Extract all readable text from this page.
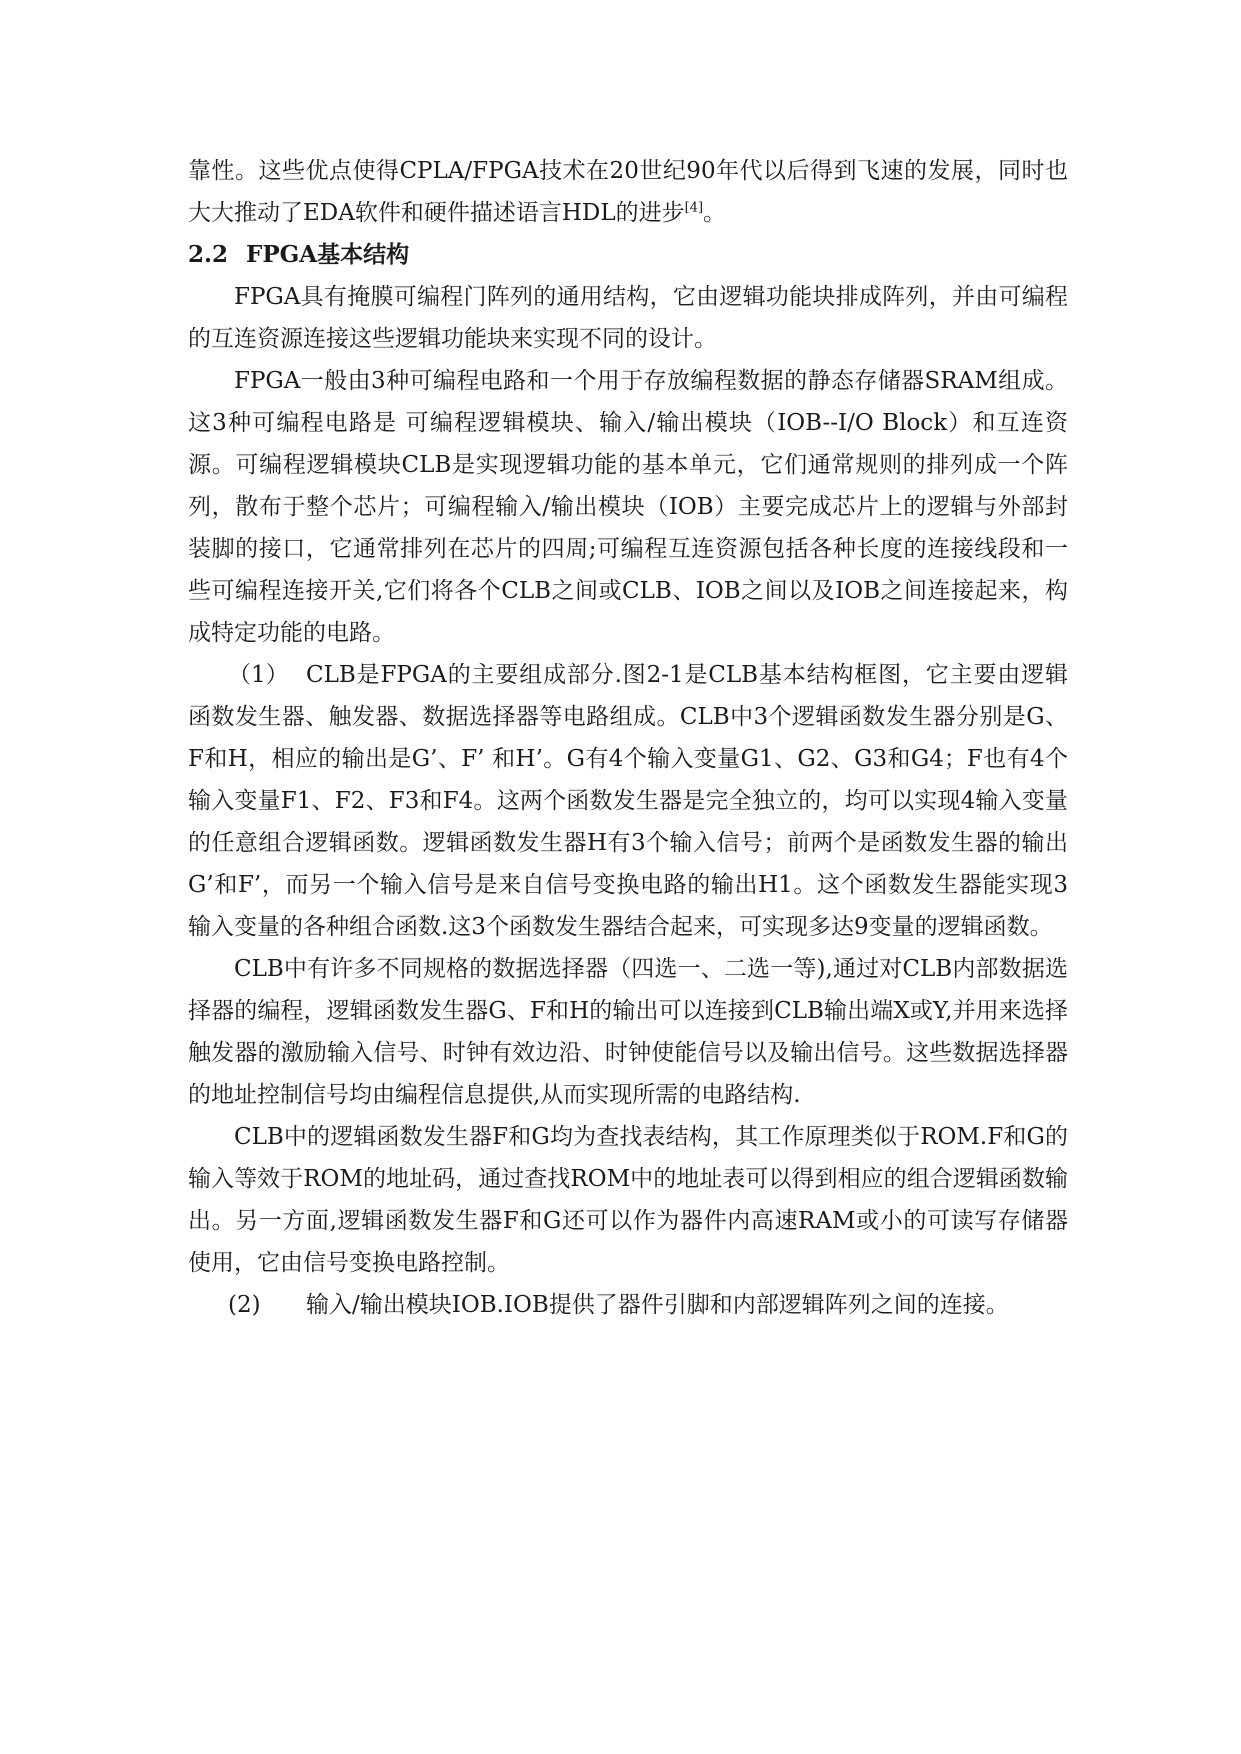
靠性。这些优点使得CPLA/FPGA技术在20世纪90年代以后得到飞速的发展，同时也大大推动了EDA软件和硬件描述语言HDL的进步[4]。

2.2 FPGA基本结构

FPGA具有掩膜可编程门阵列的通用结构，它由逻辑功能块排成阵列，并由可编程的互连资源连接这些逻辑功能块来实现不同的设计。

FPGA一般由3种可编程电路和一个用于存放编程数据的静态存储器SRAM组成。这3种可编程电路是 可编程逻辑模块、输入/输出模块（IOB--I/O Block）和互连资源。可编程逻辑模块CLB是实现逻辑功能的基本单元，它们通常规则的排列成一个阵列，散布于整个芯片；可编程输入/输出模块（IOB）主要完成芯片上的逻辑与外部封装脚的接口，它通常排列在芯片的四周;可编程互连资源包括各种长度的连接线段和一些可编程连接开关,它们将各个CLB之间或CLB、IOB之间以及IOB之间连接起来，构成特定功能的电路。

（1） CLB是FPGA的主要组成部分.图2-1是CLB基本结构框图，它主要由逻辑函数发生器、触发器、数据选择器等电路组成。CLB中3个逻辑函数发生器分别是G、F和H，相应的输出是G’、F’ 和H’。G有4个输入变量G1、G2、G3和G4；F也有4个输入变量F1、F2、F3和F4。这两个函数发生器是完全独立的，均可以实现4输入变量的任意组合逻辑函数。逻辑函数发生器H有3个输入信号；前两个是函数发生器的输出G’和F’，而另一个输入信号是来自信号变换电路的输出H1。这个函数发生器能实现3输入变量的各种组合函数.这3个函数发生器结合起来，可实现多达9变量的逻辑函数。

CLB中有许多不同规格的数据选择器（四选一、二选一等),通过对CLB内部数据选择器的编程，逻辑函数发生器G、F和H的输出可以连接到CLB输出端X或Y,并用来选择触发器的激励输入信号、时钟有效边沿、时钟使能信号以及输出信号。这些数据选择器的地址控制信号均由编程信息提供,从而实现所需的电路结构.

CLB中的逻辑函数发生器F和G均为查找表结构，其工作原理类似于ROM.F和G的输入等效于ROM的地址码，通过查找ROM中的地址表可以得到相应的组合逻辑函数输出。另一方面,逻辑函数发生器F和G还可以作为器件内高速RAM或小的可读写存储器使用，它由信号变换电路控制。

(2) 输入/输出模块IOB.IOB提供了器件引脚和内部逻辑阵列之间的连接。
